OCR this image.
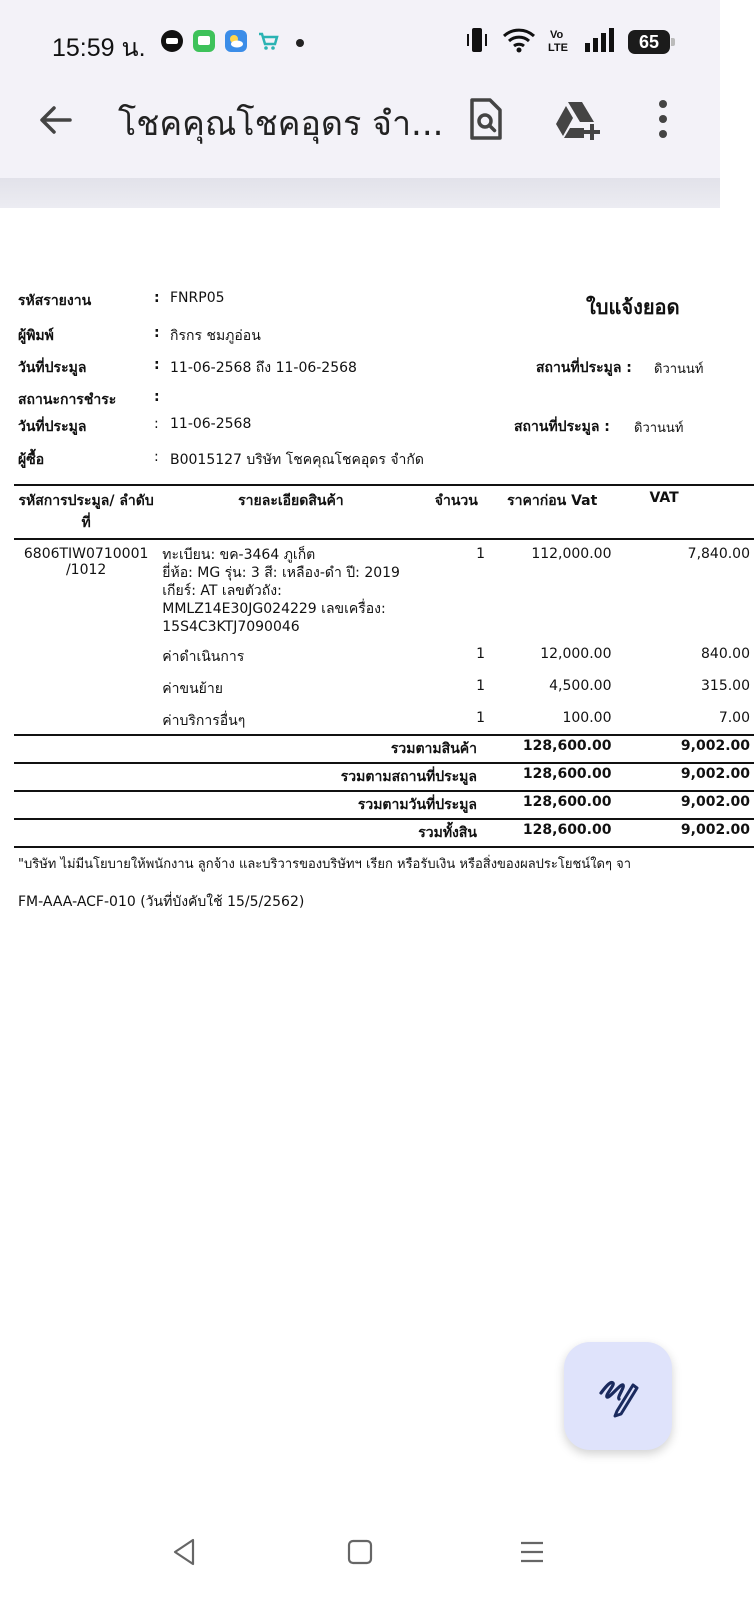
15:59 น.	Vo
LTE	65
โชคคุณโชคอุดร จำ...
ใบแจ้งยอด
รหัสรายงาน	: FNRP05
ผู้พิมพ์	: กิรกร ชมภูอ่อน
วันที่ประมูล	: 11-06-2568 ถึง 11-06-2568	สถานที่ประมูล : ดิวานนท์
สถานะการชำระ	:
วันที่ประมูล	: 11-06-2568	สถานที่ประมูล : ดิวานนท์
ผู้ซื้อ	: B0015127 บริษัท โชคคุณโชคอุดร จำกัด
รหัสการประมูล/ ลำดับที่	รายละเอียดสินค้า	จำนวน	ราคาก่อน Vat	VAT
6806TIW0710001 /1012	ทะเบียน: ขค-3464 ภูเก็ต
ยี่ห้อ: MG รุ่น: 3 สี: เหลือง-ดำ ปี: 2019
เกียร์: AT เลขตัวถัง:
MMLZ14E30JG024229 เลขเครื่อง:
15S4C3KTJ7090046	1	112,000.00	7,840.00
	ค่าดำเนินการ	1	12,000.00	840.00
	ค่าขนย้าย	1	4,500.00	315.00
	ค่าบริการอื่นๆ	1	100.00	7.00
รวมตามสินค้า			128,600.00	9,002.00
รวมตามสถานที่ประมูล			128,600.00	9,002.00
รวมตามวันที่ประมูล			128,600.00	9,002.00
รวมทั้งสิน			128,600.00	9,002.00
"บริษัท ไม่มีนโยบายให้พนักงาน ลูกจ้าง และบริวารของบริษัทฯ เรียก หรือรับเงิน หรือสิ่งของผลประโยชน์ใดๆ จา
FM-AAA-ACF-010 (วันที่บังคับใช้ 15/5/2562)
